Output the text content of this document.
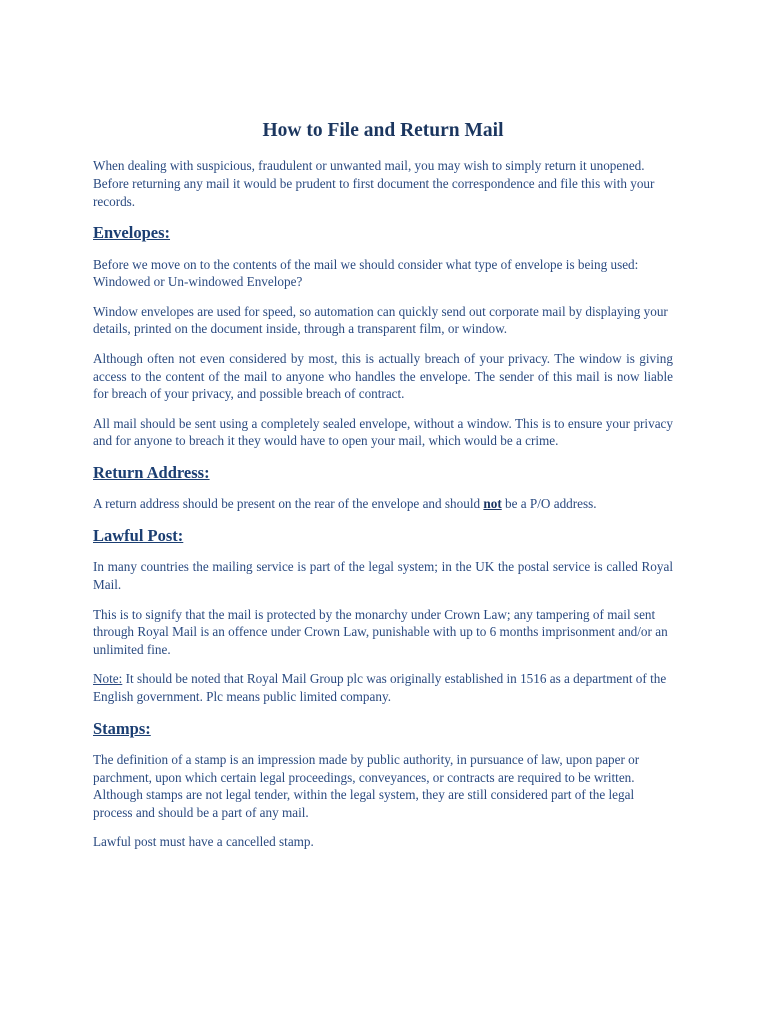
How to File and Return Mail

When dealing with suspicious, fraudulent or unwanted mail, you may wish to simply return it unopened. Before returning any mail it would be prudent to first document the correspondence and file this with your records.

Envelopes:

Before we move on to the contents of the mail we should consider what type of envelope is being used: Windowed or Un-windowed Envelope?

Window envelopes are used for speed, so automation can quickly send out corporate mail by displaying your details, printed on the document inside, through a transparent film, or window.

Although often not even considered by most, this is actually breach of your privacy. The window is giving access to the content of the mail to anyone who handles the envelope. The sender of this mail is now liable for breach of your privacy, and possible breach of contract.

All mail should be sent using a completely sealed envelope, without a window. This is to ensure your privacy and for anyone to breach it they would have to open your mail, which would be a crime.

Return Address:

A return address should be present on the rear of the envelope and should not be a P/O address.

Lawful Post:

In many countries the mailing service is part of the legal system; in the UK the postal service is called Royal Mail.

This is to signify that the mail is protected by the monarchy under Crown Law; any tampering of mail sent through Royal Mail is an offence under Crown Law, punishable with up to 6 months imprisonment and/or an unlimited fine.

Note: It should be noted that Royal Mail Group plc was originally established in 1516 as a department of the English government. Plc means public limited company.

Stamps:

The definition of a stamp is an impression made by public authority, in pursuance of law, upon paper or parchment, upon which certain legal proceedings, conveyances, or contracts are required to be written. Although stamps are not legal tender, within the legal system, they are still considered part of the legal process and should be a part of any mail.

Lawful post must have a cancelled stamp.
